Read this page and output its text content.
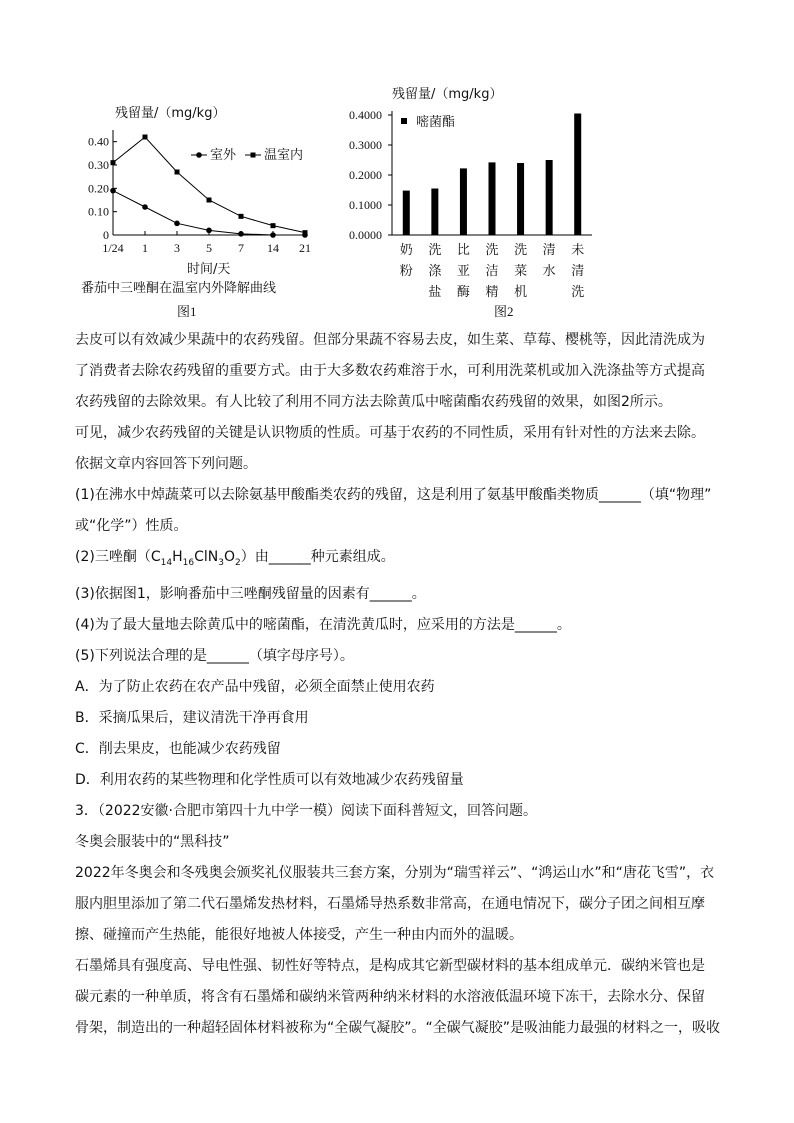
残留量/（mg/kg）
0.40
0.30
0.20
0.10
0
1/24 1 3 5 7 14 21
室外 温室内
时间/天
番茄中三唑酮在温室内外降解曲线
图1
残留量/（mg/kg）
0.4000
0.3000
0.2000
0.1000
0.0000
奶
粉
洗
涤
盐
比
亚
酶
洗
洁
精
洗
菜
机
清
水
未
清
洗
嘧菌酯
图2

去皮可以有效减少果蔬中的农药残留。但部分果蔬不容易去皮，如生菜、草莓、樱桃等，因此清洗成为

了消费者去除农药残留的重要方式。由于大多数农药难溶于水，可利用洗菜机或加入洗涤盐等方式提高

农药残留的去除效果。有人比较了利用不同方法去除黄瓜中嘧菌酯农药残留的效果，如图2所示。

可见，减少农药残留的关键是认识物质的性质。可基于农药的不同性质，采用有针对性的方法来去除。

依据文章内容回答下列问题。

(1)在沸水中焯蔬菜可以去除氨基甲酸酯类农药的残留，这是利用了氨基甲酸酯类物质______（填“物理”

或“化学”）性质。

(2)三唑酮$(C_{14}H_{16}ClN_3O_2)$由______种元素组成。

(3)依据图1，影响番茄中三唑酮残留量的因素有______。

(4)为了最大量地去除黄瓜中的嘧菌酯，在清洗黄瓜时，应采用的方法是______。

(5)下列说法合理的是______（填字母序号）。

A．为了防止农药在农产品中残留，必须全面禁止使用农药

B．采摘瓜果后，建议清洗干净再食用

C．削去果皮，也能减少农药残留

D．利用农药的某些物理和化学性质可以有效地减少农药残留量

3．（2022安徽·合肥市第四十九中学一模）阅读下面科普短文，回答问题。

冬奥会服装中的“黑科技”

2022年冬奥会和冬残奥会颁奖礼仪服装共三套方案，分别为“瑞雪祥云”、“鸿运山水”和“唐花飞雪”，衣

服内胆里添加了第二代石墨烯发热材料，石墨烯导热系数非常高，在通电情况下，碳分子团之间相互摩

擦、碰撞而产生热能，能很好地被人体接受，产生一种由内而外的温暖。

石墨烯具有强度高、导电性强、韧性好等特点，是构成其它新型碳材料的基本组成单元．碳纳米管也是

碳元素的一种单质，将含有石墨烯和碳纳米管两种纳米材料的水溶液低温环境下冻干，去除水分、保留

骨架，制造出的一种超轻固体材料被称为“全碳气凝胶”。“全碳气凝胶”是吸油能力最强的材料之一，吸收
